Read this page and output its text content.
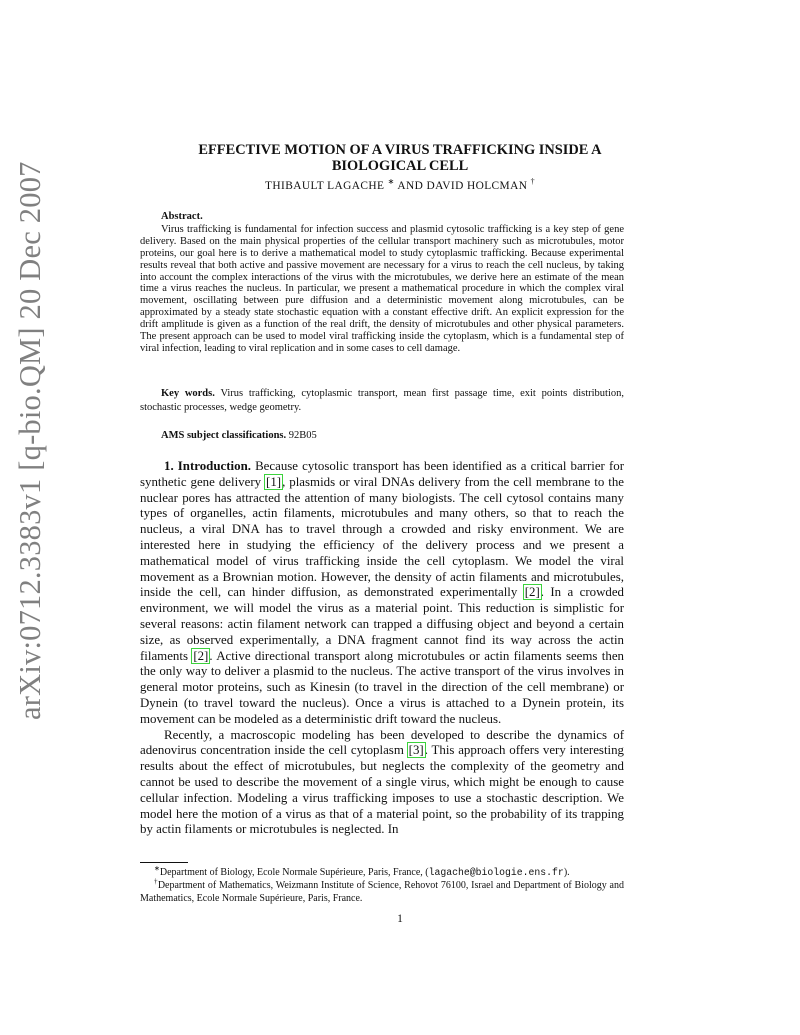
arXiv:0712.3383v1 [q-bio.QM] 20 Dec 2007
EFFECTIVE MOTION OF A VIRUS TRAFFICKING INSIDE A
BIOLOGICAL CELL
THIBAULT LAGACHE ∗ AND DAVID HOLCMAN †
Abstract.

Virus trafficking is fundamental for infection success and plasmid cytosolic trafficking is a key step of gene delivery. Based on the main physical properties of the cellular transport machinery such as microtubules, motor proteins, our goal here is to derive a mathematical model to study cytoplasmic trafficking. Because experimental results reveal that both active and passive movement are necessary for a virus to reach the cell nucleus, by taking into account the complex interactions of the virus with the microtubules, we derive here an estimate of the mean time a virus reaches the nucleus. In particular, we present a mathematical procedure in which the complex viral movement, oscillating between pure diffusion and a deterministic movement along microtubules, can be approximated by a steady state stochastic equation with a constant effective drift. An explicit expression for the drift amplitude is given as a function of the real drift, the density of microtubules and other physical parameters. The present approach can be used to model viral trafficking inside the cytoplasm, which is a fundamental step of viral infection, leading to viral replication and in some cases to cell damage.

Key words. Virus trafficking, cytoplasmic transport, mean first passage time, exit points distribution, stochastic processes, wedge geometry.
AMS subject classifications. 92B05

1. Introduction. Because cytosolic transport has been identified as a critical barrier for synthetic gene delivery [1], plasmids or viral DNAs delivery from the cell membrane to the nuclear pores has attracted the attention of many biologists. The cell cytosol contains many types of organelles, actin filaments, microtubules and many others, so that to reach the nucleus, a viral DNA has to travel through a crowded and risky environment. We are interested here in studying the efficiency of the delivery process and we present a mathematical model of virus trafficking inside the cell cytoplasm. We model the viral movement as a Brownian motion. However, the density of actin filaments and microtubules, inside the cell, can hinder diffusion, as demonstrated experimentally [2]. In a crowded environment, we will model the virus as a material point. This reduction is simplistic for several reasons: actin filament network can trapped a diffusing object and beyond a certain size, as observed experimentally, a DNA fragment cannot find its way across the actin filaments [2]. Active directional transport along microtubules or actin filaments seems then the only way to deliver a plasmid to the nucleus. The active transport of the virus involves in general motor proteins, such as Kinesin (to travel in the direction of the cell membrane) or Dynein (to travel toward the nucleus). Once a virus is attached to a Dynein protein, its movement can be modeled as a deterministic drift toward the nucleus.

Recently, a macroscopic modeling has been developed to describe the dynamics of adenovirus concentration inside the cell cytoplasm [3]. This approach offers very interesting results about the effect of microtubules, but neglects the complexity of the geometry and cannot be used to describe the movement of a single virus, which might be enough to cause cellular infection. Modeling a virus trafficking imposes to use a stochastic description. We model here the motion of a virus as that of a material point, so the probability of its trapping by actin filaments or microtubules is neglected. In

∗Department of Biology, Ecole Normale Supérieure, Paris, France, (lagache@biologie.ens.fr).

†Department of Mathematics, Weizmann Institute of Science, Rehovot 76100, Israel and Department of Biology and Mathematics, Ecole Normale Supérieure, Paris, France.

1
